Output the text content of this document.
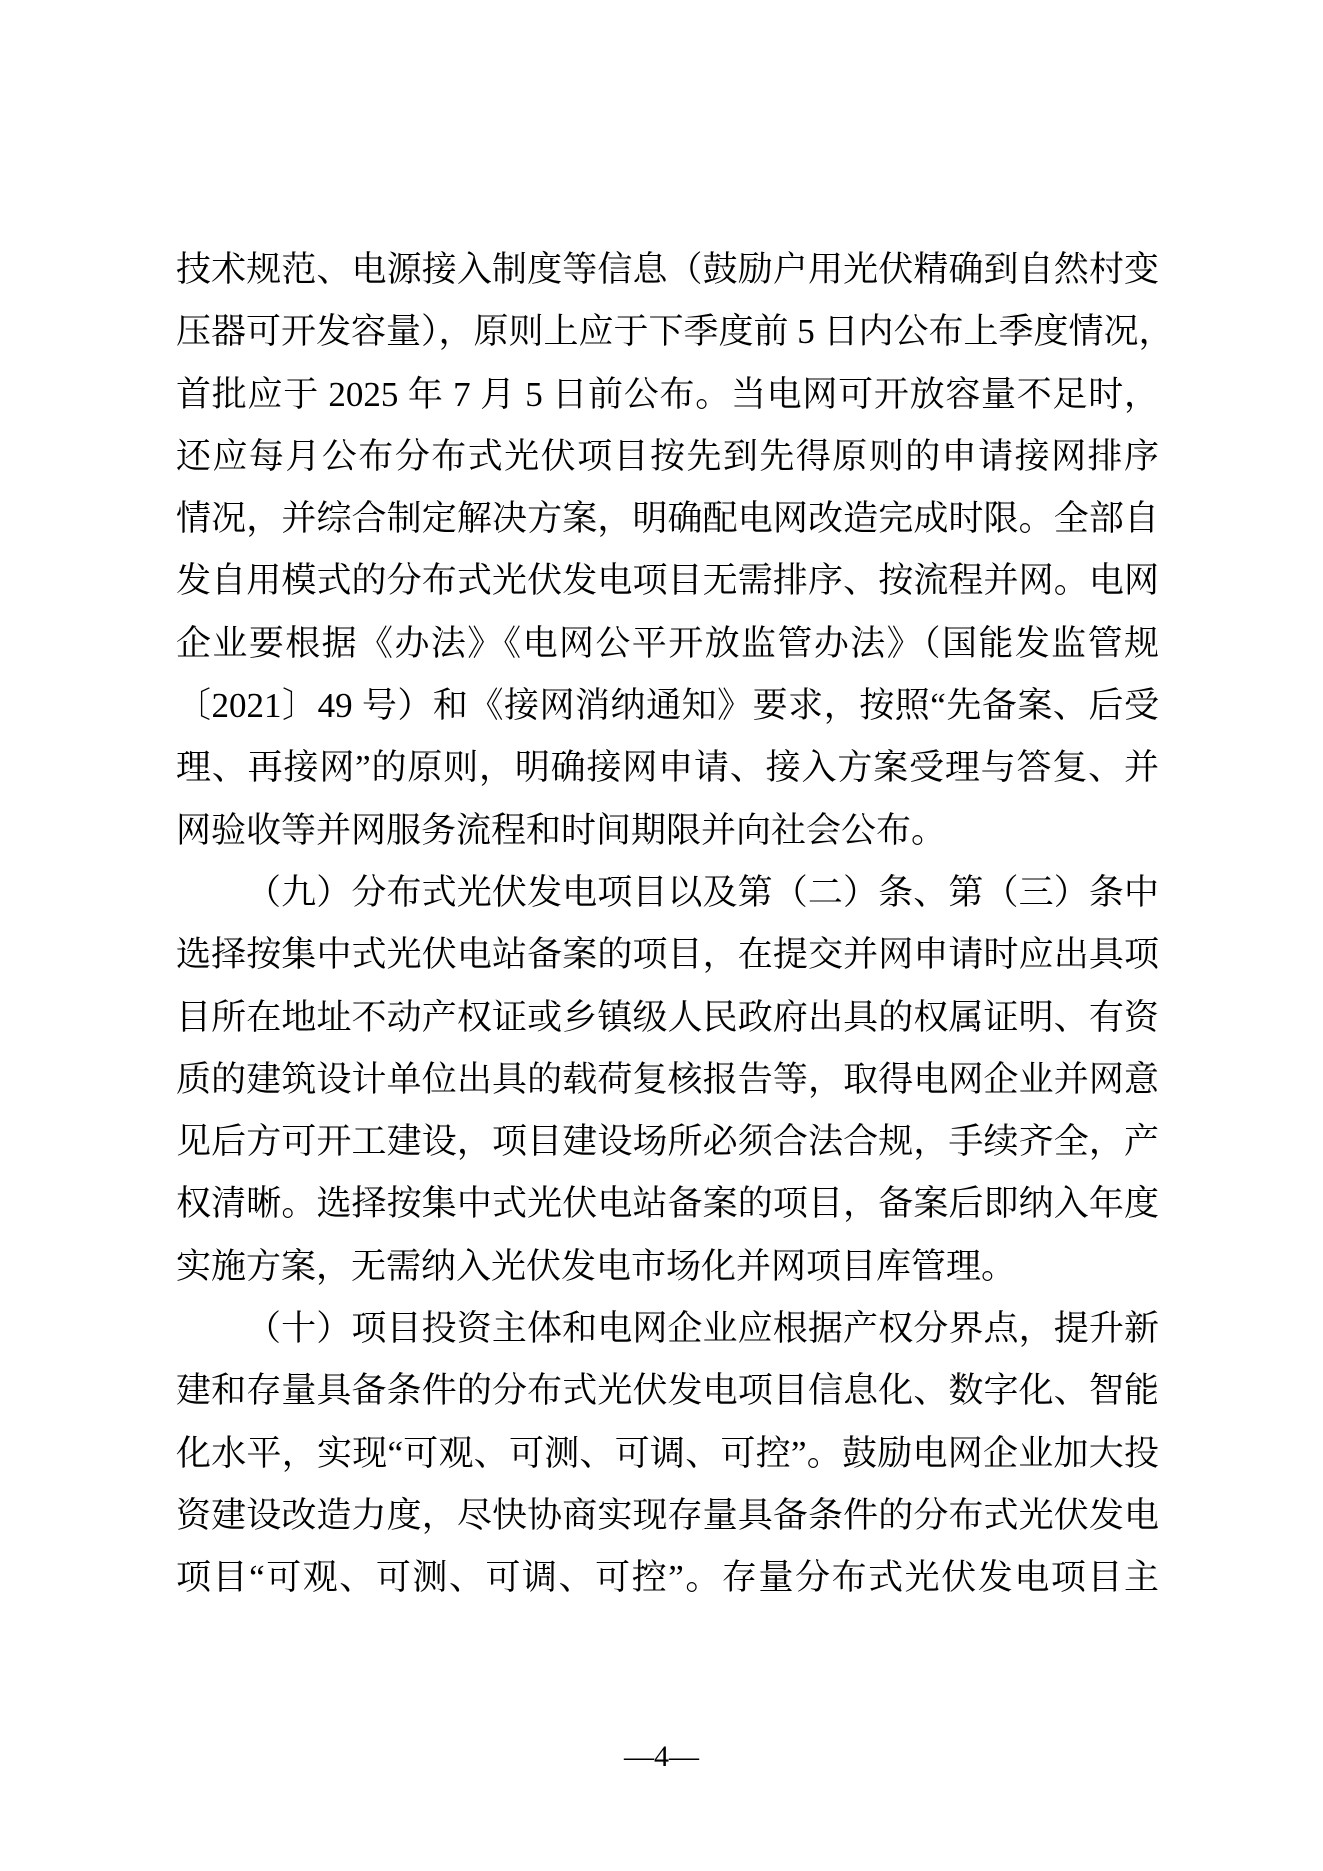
技术规范、电源接入制度等信息（鼓励户用光伏精确到自然村变
压器可开发容量），原则上应于下季度前 5 日内公布上季度情况，
首批应于 2025 年 7 月 5 日前公布。当电网可开放容量不足时，
还应每月公布分布式光伏项目按先到先得原则的申请接网排序
情况，并综合制定解决方案，明确配电网改造完成时限。全部自
发自用模式的分布式光伏发电项目无需排序、按流程并网。电网
企业要根据《办法》《电网公平开放监管办法》（国能发监管规
〔2021〕49 号）和《接网消纳通知》要求，按照“先备案、后受
理、再接网”的原则，明确接网申请、接入方案受理与答复、并
网验收等并网服务流程和时间期限并向社会公布。
（九）分布式光伏发电项目以及第（二）条、第（三）条中
选择按集中式光伏电站备案的项目，在提交并网申请时应出具项
目所在地址不动产权证或乡镇级人民政府出具的权属证明、有资
质的建筑设计单位出具的载荷复核报告等，取得电网企业并网意
见后方可开工建设，项目建设场所必须合法合规，手续齐全，产
权清晰。选择按集中式光伏电站备案的项目，备案后即纳入年度
实施方案，无需纳入光伏发电市场化并网项目库管理。
（十）项目投资主体和电网企业应根据产权分界点，提升新
建和存量具备条件的分布式光伏发电项目信息化、数字化、智能
化水平，实现“可观、可测、可调、可控”。鼓励电网企业加大投
资建设改造力度，尽快协商实现存量具备条件的分布式光伏发电
项目“可观、可测、可调、可控”。存量分布式光伏发电项目主
—4—
